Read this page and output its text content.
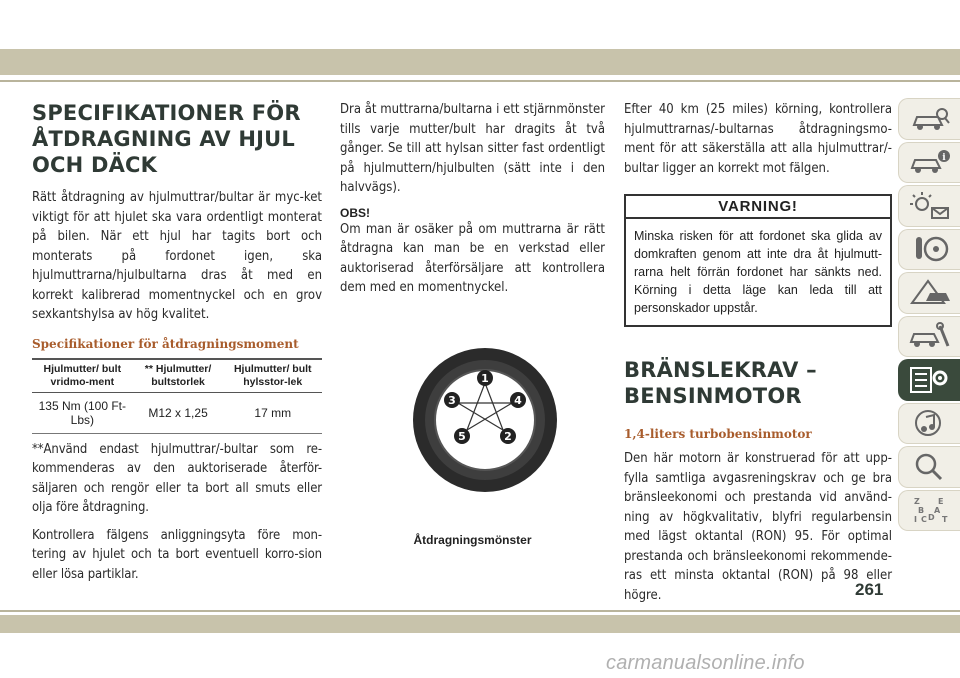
SPECIFIKATIONER FÖR
ÅTDRAGNING AV HJUL
OCH DÄCK

Rätt åtdragning av hjulmuttrar/bultar är myc-ket viktigt för att hjulet ska vara ordentligt monterat på bilen. När ett hjul har tagits bort och monterats på fordonet igen, ska hjulmuttrarna/hjulbultarna dras åt med en korrekt kalibrerad momentnyckel och en grov sexkantshylsa av hög kvalitet.

Specifikationer för åtdragningsmoment
Hjulmutter/ bult vridmo-ment	** Hjulmutter/ bultstorlek	Hjulmutter/ bult hylsstor-lek
135 Nm (100 Ft-Lbs)	M12 x 1,25	17 mm

**Använd endast hjulmuttrar/-bultar som re-kommenderas av den auktoriserade återför-säljaren och rengör eller ta bort all smuts eller olja före åtdragning.

Kontrollera fälgens anliggningsyta före mon-tering av hjulet och ta bort eventuell korro-sion eller lösa partiklar.

Dra åt muttrarna/bultarna i ett stjärnmönster tills varje mutter/bult har dragits åt två gånger. Se till att hylsan sitter fast ordentligt på hjulmuttern/hjulbulten (sätt inte i den halvvägs).

OBS!

Om man är osäker på om muttrarna är rätt åtdragna kan man be en verkstad eller auktoriserad återförsäljare att kontrollera dem med en momentnyckel.

1
2
3	4
5
Åtdragningsmönster

Efter 40 km (25 miles) körning, kontrollera hjulmuttrarnas/-bultarnas åtdragningsmo-ment för att säkerställa att alla hjulmuttrar/-bultar ligger an korrekt mot fälgen.

VARNING!
Minska risken för att fordonet ska glida av domkraften genom att inte dra åt hjulmutt-rarna helt förrän fordonet har sänkts ned. Körning i detta läge kan leda till att personskador uppstår.
BRÄNSLEKRAV –
BENSINMOTOR
1,4-liters turbobensinmotor

Den här motorn är konstruerad för att upp-fylla samtliga avgasreningskrav och ge bra bränsleekonomi och prestanda vid använd-ning av högkvalitativ, blyfri regularbensin med lägst oktantal (RON) 95. För optimal prestanda och bränsleekonomi rekommende-ras ett minsta oktantal (RON) på 98 eller högre.

i
Z E
B A
I D
C T
261
carmanualsonline.info
